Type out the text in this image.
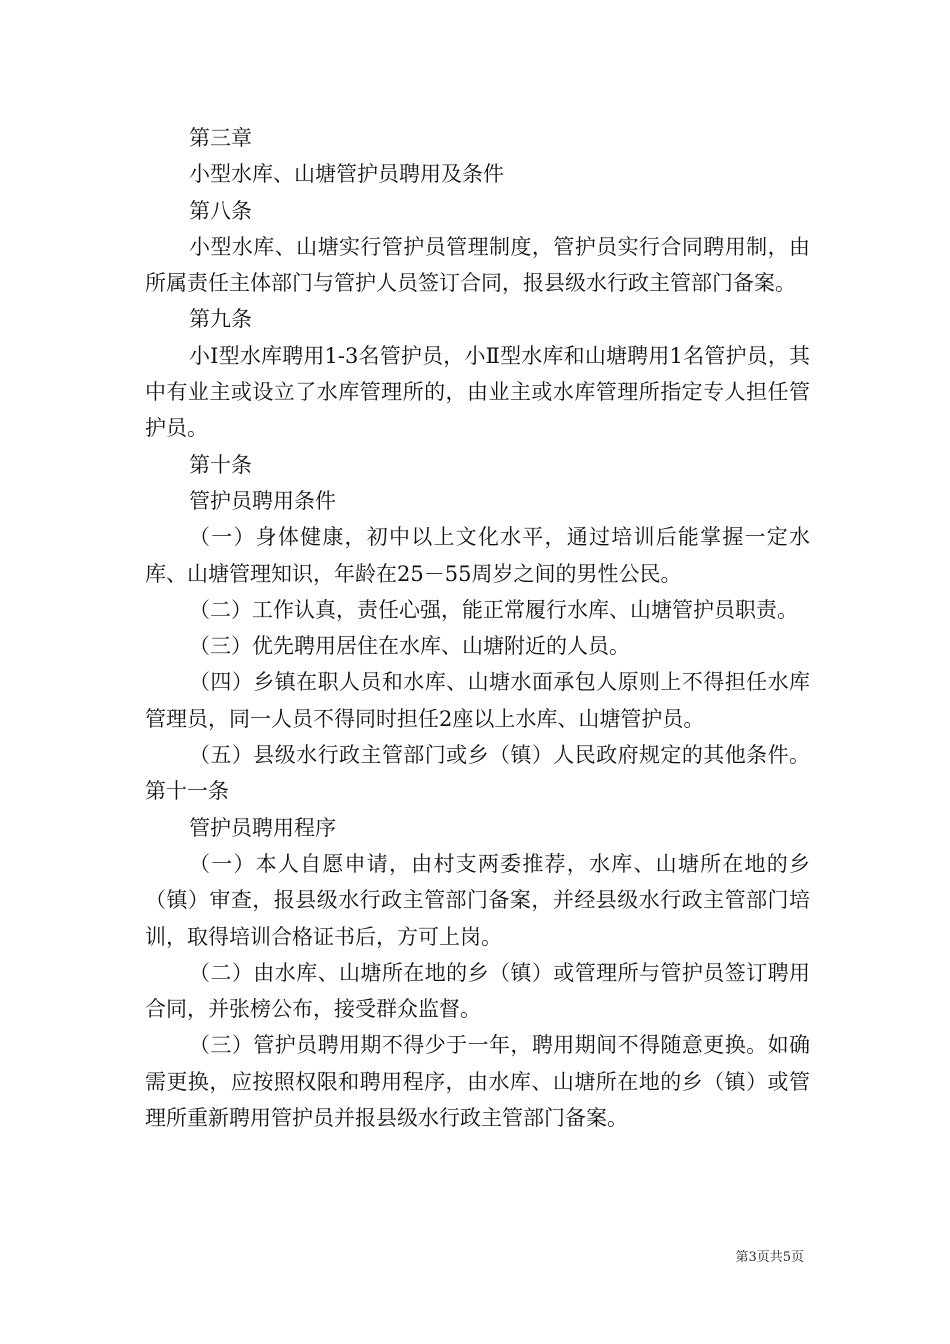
第三章

小型水库、山塘管护员聘用及条件

第八条

小型水库、山塘实行管护员管理制度，管护员实行合同聘用制，由所属责任主体部门与管护人员签订合同，报县级水行政主管部门备案。

第九条

小Ⅰ型水库聘用1-3名管护员，小Ⅱ型水库和山塘聘用1名管护员，其中有业主或设立了水库管理所的，由业主或水库管理所指定专人担任管护员。

第十条

管护员聘用条件

（一）身体健康，初中以上文化水平，通过培训后能掌握一定水库、山塘管理知识，年龄在25－55周岁之间的男性公民。

（二）工作认真，责任心强，能正常履行水库、山塘管护员职责。

（三）优先聘用居住在水库、山塘附近的人员。

（四）乡镇在职人员和水库、山塘水面承包人原则上不得担任水库管理员，同一人员不得同时担任2座以上水库、山塘管护员。

（五）县级水行政主管部门或乡（镇）人民政府规定的其他条件。第十一条

管护员聘用程序

（一）本人自愿申请，由村支两委推荐，水库、山塘所在地的乡（镇）审查，报县级水行政主管部门备案，并经县级水行政主管部门培训，取得培训合格证书后，方可上岗。

（二）由水库、山塘所在地的乡（镇）或管理所与管护员签订聘用合同，并张榜公布，接受群众监督。

（三）管护员聘用期不得少于一年，聘用期间不得随意更换。如确需更换，应按照权限和聘用程序，由水库、山塘所在地的乡（镇）或管理所重新聘用管护员并报县级水行政主管部门备案。

第3页共5页
